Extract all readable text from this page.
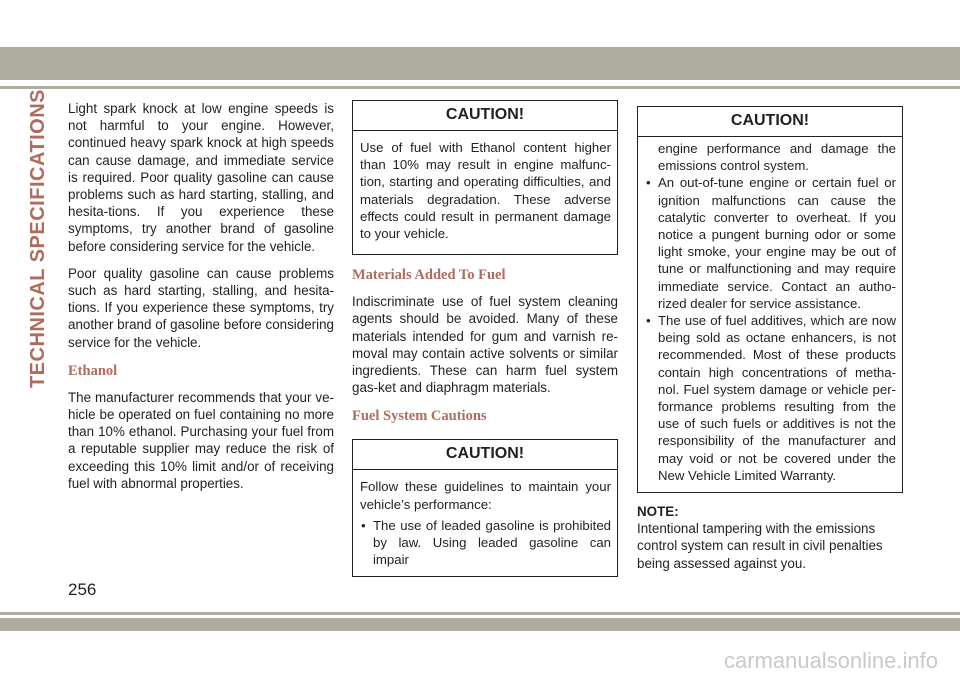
TECHNICAL SPECIFICATIONS Light spark knock at low engine speeds is not harmful to your engine. However, continued heavy spark knock at high speeds can cause damage, and immediate service is required. Poor quality gasoline can cause problems such as hard starting, stalling, and hesita-tions. If you experience these symptoms, try another brand of gasoline before considering service for the vehicle.

Poor quality gasoline can cause problems such as hard starting, stalling, and hesita-tions. If you experience these symptoms, try another brand of gasoline before considering service for the vehicle.

Ethanol

The manufacturer recommends that your ve-hicle be operated on fuel containing no more than 10% ethanol. Purchasing your fuel from a reputable supplier may reduce the risk of exceeding this 10% limit and/or of receiving fuel with abnormal properties.

CAUTION!

Use of fuel with Ethanol content higher than 10% may result in engine malfunc-tion, starting and operating difficulties, and materials degradation. These adverse effects could result in permanent damage to your vehicle.

Materials Added To Fuel

Indiscriminate use of fuel system cleaning agents should be avoided. Many of these materials intended for gum and varnish re-moval may contain active solvents or similar ingredients. These can harm fuel system gas-ket and diaphragm materials.

Fuel System Cautions
CAUTION!

Follow these guidelines to maintain your vehicle’s performance:

• The use of leaded gasoline is prohibited by law. Using leaded gasoline can impair
CAUTION!
engine performance and damage the emissions control system.
• An out-of-tune engine or certain fuel or ignition malfunctions can cause the catalytic converter to overheat. If you notice a pungent burning odor or some light smoke, your engine may be out of tune or malfunctioning and may require immediate service. Contact an autho-rized dealer for service assistance.
• The use of fuel additives, which are now being sold as octane enhancers, is not recommended. Most of these products contain high concentrations of metha-nol. Fuel system damage or vehicle per-formance problems resulting from the use of such fuels or additives is not the responsibility of the manufacturer and may void or not be covered under the New Vehicle Limited Warranty.
NOTE:

Intentional tampering with the emissions control system can result in civil penalties being assessed against you.

256
carmanualsonline.info
